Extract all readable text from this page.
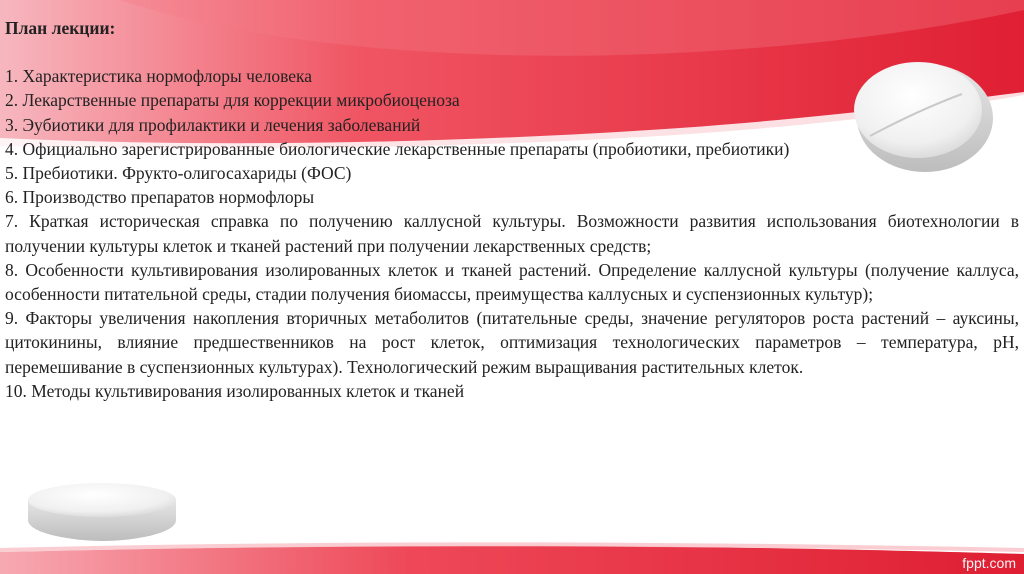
План лекции:

1. Характеристика нормофлоры человека

2. Лекарственные препараты для коррекции микробиоценоза

3. Эубиотики для профилактики и лечения заболеваний

4. Официально зарегистрированные биологические лекарственные препараты (пробиотики, пребиотики)

5. Пребиотики. Фрукто-олигосахариды (ФОС)

6. Производство препаратов нормофлоры

7. Краткая историческая справка по получению каллусной культуры. Возможности развития использования биотехнологии в получении культуры клеток и тканей растений при получении лекарственных средств;

8. Особенности культивирования изолированных клеток и тканей растений. Определение каллусной культуры (получение каллуса, особенности питательной среды, стадии получения биомассы, преимущества каллусных и суспензионных культур);

9. Факторы увеличения накопления вторичных метаболитов (питательные среды, значение регуляторов роста растений – ауксины, цитокинины, влияние предшественников на рост клеток, оптимизация технологических параметров – температура, рН, перемешивание в суспензионных культурах). Технологический режим выращивания растительных клеток.

10. Методы культивирования изолированных клеток и тканей

fppt.com
